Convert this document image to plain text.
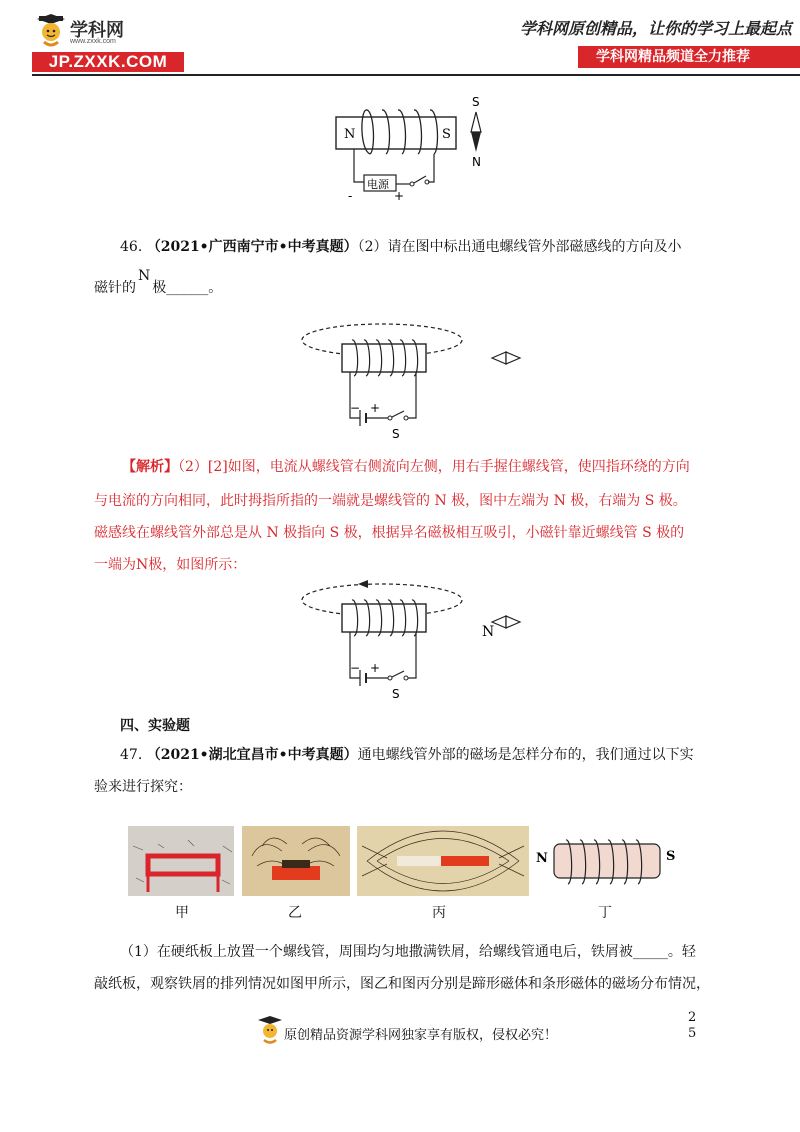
学科网
www.zxxk.com
JP.ZXXK.COM
学科网原创精品，让你的学习上最起点
学科网精品频道全力推荐
N	S
电源
-	+
S
N
46. （2021•广西南宁市•中考真题）（2）请在图中标出通电螺线管外部磁感线的方向及小
磁针的N极______。
− +
S
【解析】（2）[2]如图，电流从螺线管右侧流向左侧，用右手握住螺线管，使四指环绕的方向
与电流的方向相同，此时拇指所指的一端就是螺线管的 N 极，图中左端为 N 极，右端为 S 极。
磁感线在螺线管外部总是从 N 极指向 S 极，根据异名磁极相互吸引，小磁针靠近螺线管 S 极的
一端为N极，如图所示：
− +
S
N
四、实验题
47. （2021•湖北宜昌市•中考真题）通电螺线管外部的磁场是怎样分布的，我们通过以下实
验来进行探究：
N	S
甲	乙	丙	丁
（1）在硬纸板上放置一个螺线管，周围均匀地撒满铁屑，给螺线管通电后，铁屑被_____。轻
敲纸板，观察铁屑的排列情况如图甲所示，图乙和图丙分别是蹄形磁体和条形磁体的磁场分布情况，
原创精品资源学科网独家享有版权，侵权必究！
2
5
